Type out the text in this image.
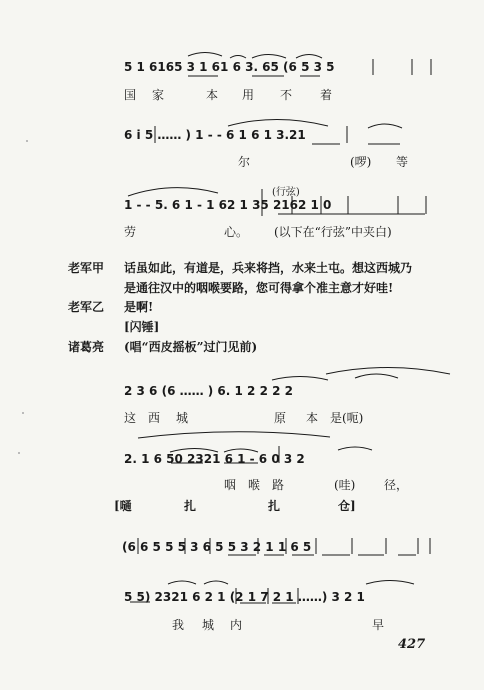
5 1 6165 3 1 61 6 3. 65 (6 5 3 5
国 家	本 用 不 着
6 i 5 …… ) 1 - - 6 1 6 1 3.21
尔	(啰) 等
(行弦)
1 - - 5. 6 1 - 1 62 1 35 2162 1 0
劳	心。 (以下在“行弦”中夹白)
老军甲 话虽如此，有道是，兵来将挡，水来土屯。想这西城乃
是通往汉中的咽喉要路，您可得拿个准主意才好哇!
老军乙 是啊!
[闪锤]
诸葛亮 (唱“西皮摇板”过门见前)
2 3 6 (6 …… ) 6. 1 2 2 2 2
这 西 城	原 本 是(呃)
2. 1 6 50 2321 6 1 - 6 0 3 2
咽 喉 路	(哇) 径，
[嗵	扎	扎	仓]
(6 6 5 5 5 3 6 5 5 3 2 1 1 6 5
5 5) 2321 6 2 1 (2 1 7 2 1 ……) 3 2 1
我 城 内	早
427
